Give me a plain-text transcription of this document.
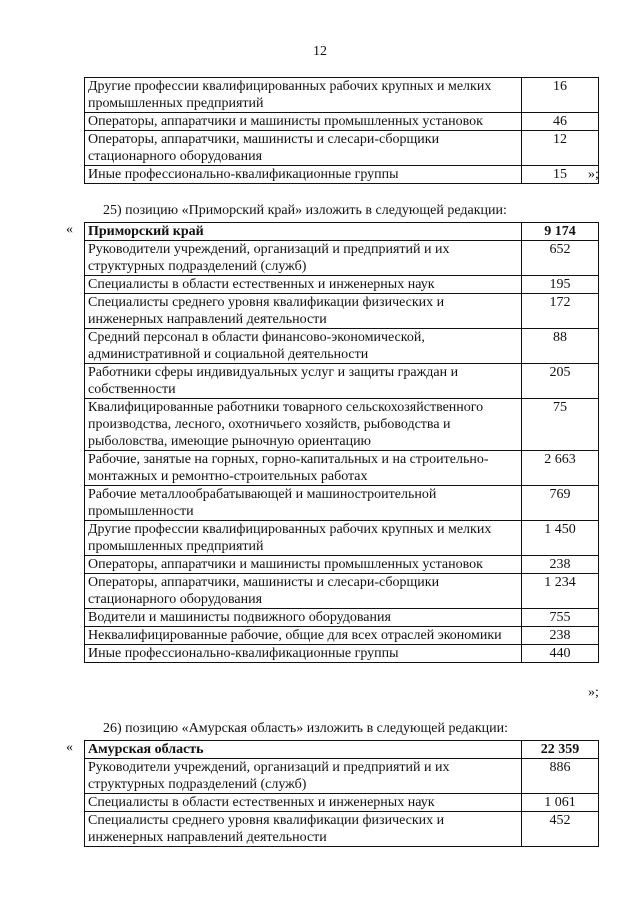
12
Другие профессии квалифицированных рабочих крупных и мелких промышленных предприятий	16
Операторы, аппаратчики и машинисты промышленных установок	46
Операторы, аппаратчики, машинисты и слесари-сборщики стационарного оборудования	12
Иные профессионально-квалификационные группы	15 »;
25) позицию «Приморский край» изложить в следующей редакции:
« Приморский край	9 174
Руководители учреждений, организаций и предприятий и их структурных подразделений (служб)	652
Специалисты в области естественных и инженерных наук	195
Специалисты среднего уровня квалификации физических и инженерных направлений деятельности	172
Средний персонал в области финансово-экономической, административной и социальной деятельности	88
Работники сферы индивидуальных услуг и защиты граждан и собственности	205
Квалифицированные работники товарного сельскохозяйственного производства, лесного, охотничьего хозяйств, рыбоводства и рыболовства, имеющие рыночную ориентацию	75
Рабочие, занятые на горных, горно-капитальных и на строительно-монтажных и ремонтно-строительных работах	2 663
Рабочие металлообрабатывающей и машиностроительной промышленности	769
Другие профессии квалифицированных рабочих крупных и мелких промышленных предприятий	1 450
Операторы, аппаратчики и машинисты промышленных установок	238
Операторы, аппаратчики, машинисты и слесари-сборщики стационарного оборудования	1 234
Водители и машинисты подвижного оборудования	755
Неквалифицированные рабочие, общие для всех отраслей экономики	238
Иные профессионально-квалификационные группы	440
»;
26) позицию «Амурская область» изложить в следующей редакции:
« Амурская область	22 359
Руководители учреждений, организаций и предприятий и их структурных подразделений (служб)	886
Специалисты в области естественных и инженерных наук	1 061
Специалисты среднего уровня квалификации физических и инженерных направлений деятельности	452
